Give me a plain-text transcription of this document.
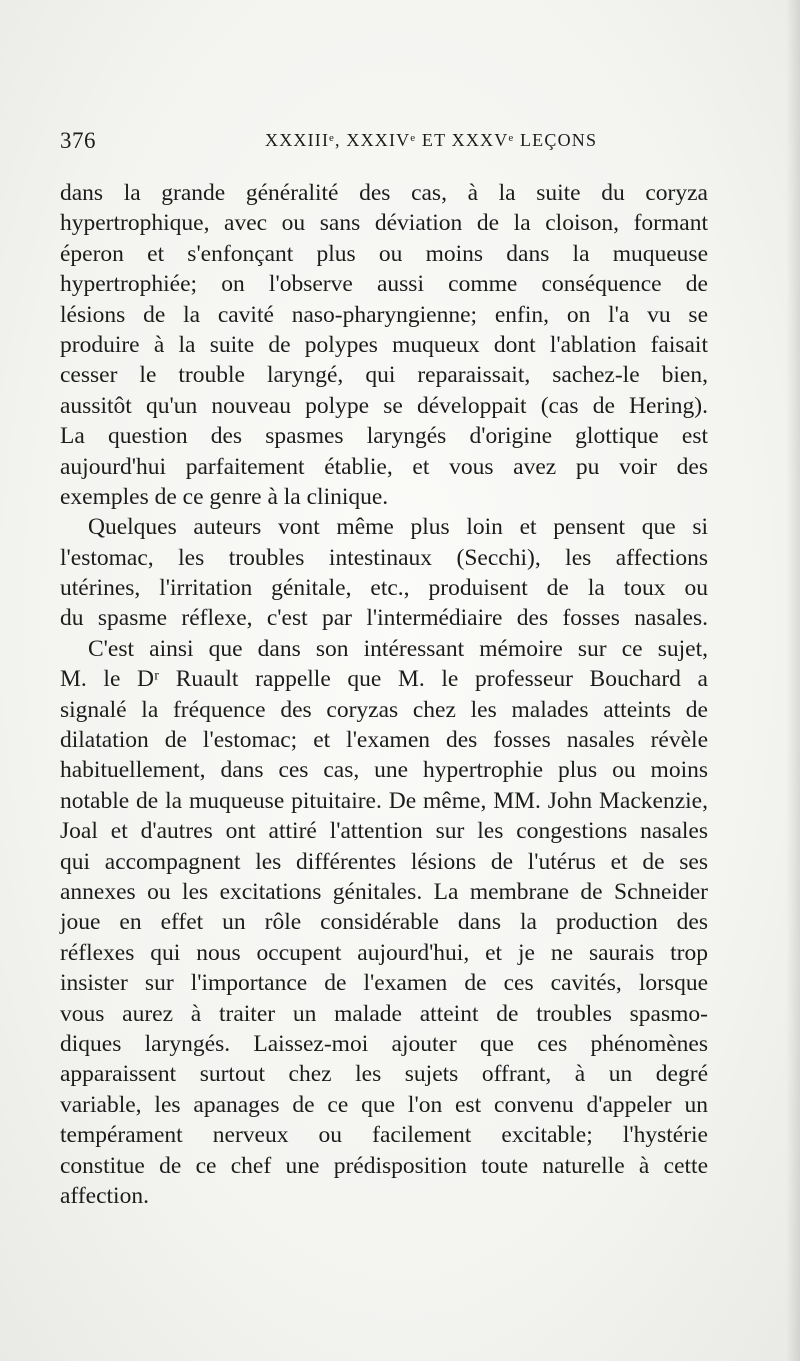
376	XXXIIIᵉ, XXXIVᵉ ET XXXVᵉ LEÇONS
dans la grande généralité des cas, à la suite du coryza
hypertrophique, avec ou sans déviation de la cloison, formant
éperon et s'enfonçant plus ou moins dans la muqueuse
hypertrophiée; on l'observe aussi comme conséquence de
lésions de la cavité naso-pharyngienne; enfin, on l'a vu se
produire à la suite de polypes muqueux dont l'ablation faisait
cesser le trouble laryngé, qui reparaissait, sachez-le bien,
aussitôt qu'un nouveau polype se développait (cas de Hering).
La question des spasmes laryngés d'origine glottique est
aujourd'hui parfaitement établie, et vous avez pu voir des
exemples de ce genre à la clinique.
Quelques auteurs vont même plus loin et pensent que si
l'estomac, les troubles intestinaux (Secchi), les affections
utérines, l'irritation génitale, etc., produisent de la toux ou
du spasme réflexe, c'est par l'intermédiaire des fosses nasales.
C'est ainsi que dans son intéressant mémoire sur ce sujet,
M. le Dʳ Ruault rappelle que M. le professeur Bouchard a
signalé la fréquence des coryzas chez les malades atteints de
dilatation de l'estomac; et l'examen des fosses nasales révèle
habituellement, dans ces cas, une hypertrophie plus ou moins
notable de la muqueuse pituitaire. De même, MM. John Mackenzie,
Joal et d'autres ont attiré l'attention sur les congestions nasales
qui accompagnent les différentes lésions de l'utérus et de ses
annexes ou les excitations génitales. La membrane de Schneider
joue en effet un rôle considérable dans la production des
réflexes qui nous occupent aujourd'hui, et je ne saurais trop
insister sur l'importance de l'examen de ces cavités, lorsque
vous aurez à traiter un malade atteint de troubles spasmo-
diques laryngés. Laissez-moi ajouter que ces phénomènes
apparaissent surtout chez les sujets offrant, à un degré
variable, les apanages de ce que l'on est convenu d'appeler un
tempérament nerveux ou facilement excitable; l'hystérie
constitue de ce chef une prédisposition toute naturelle à cette
affection.
